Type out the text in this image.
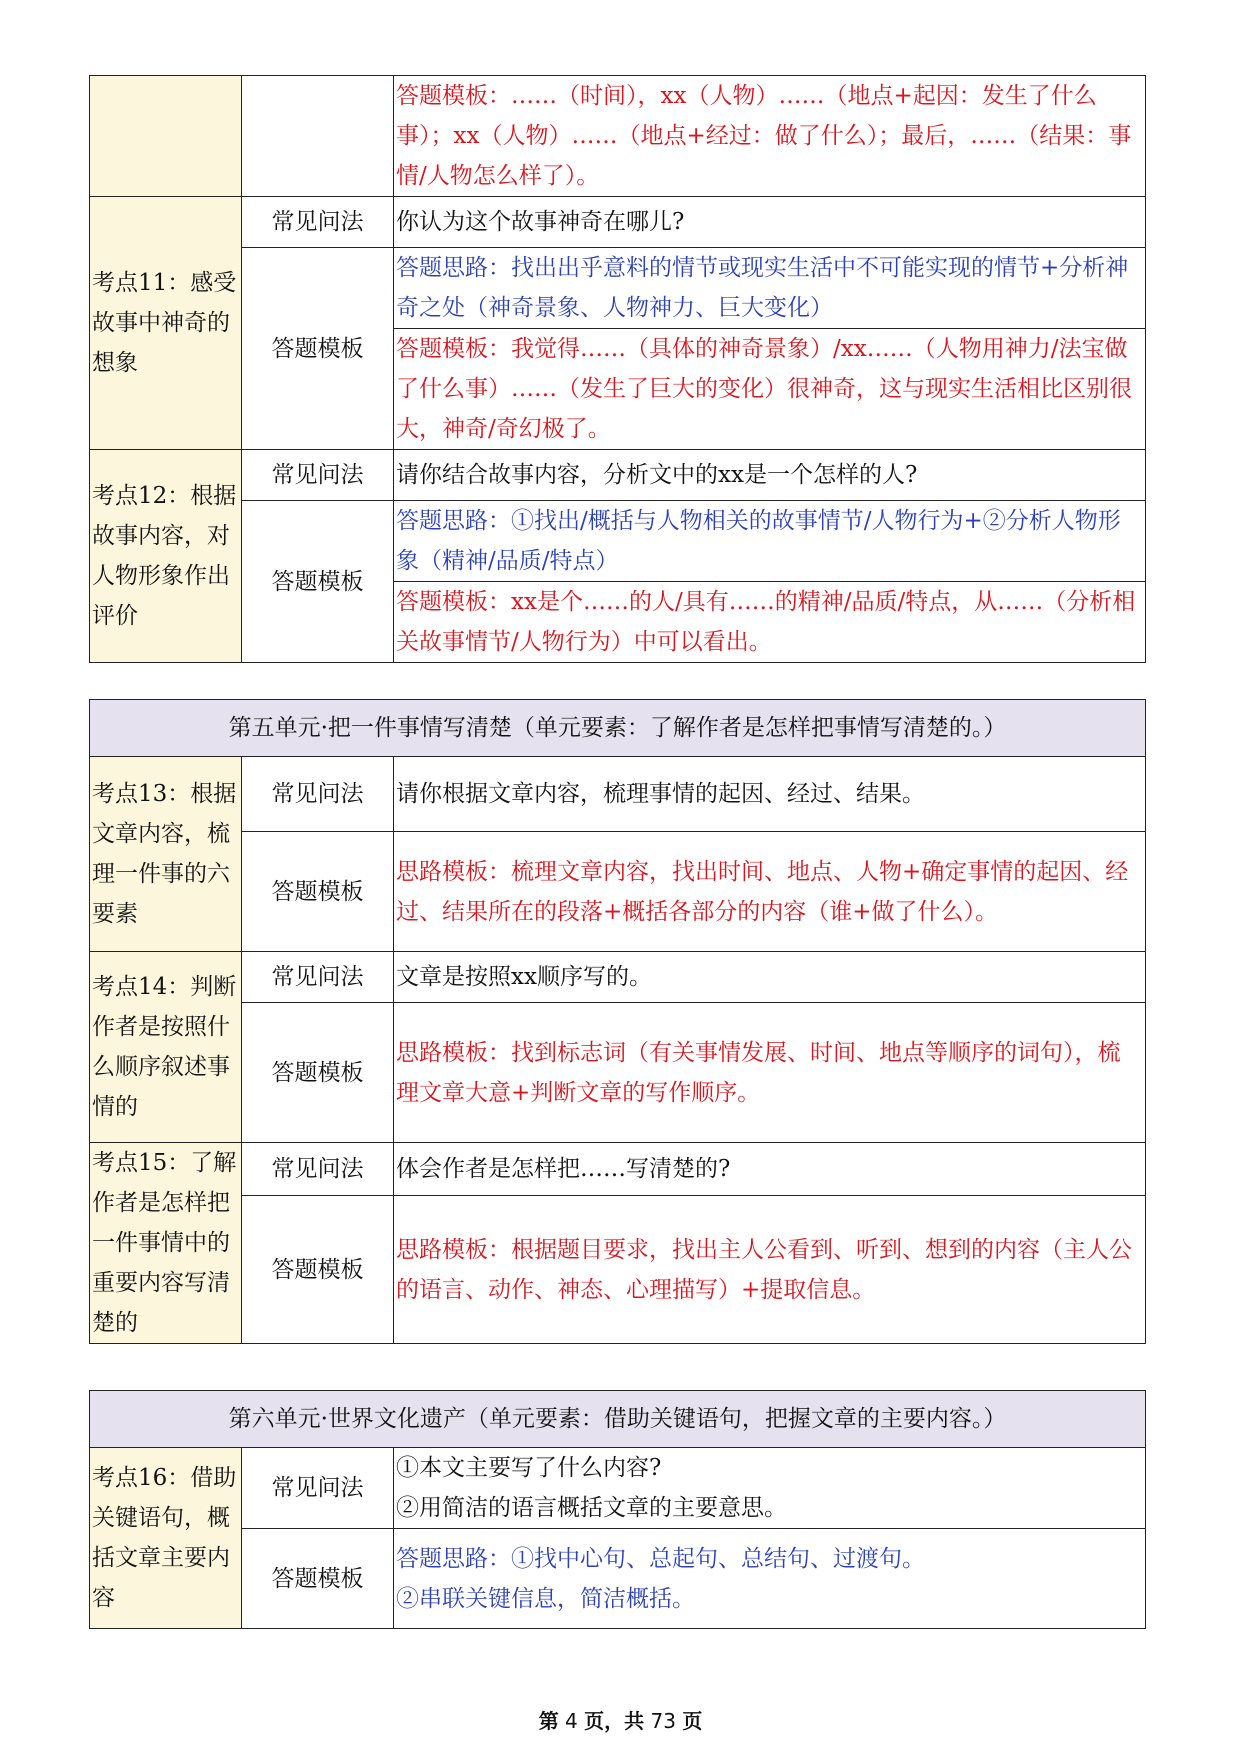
		答题模板：……（时间），xx（人物）……（地点+起因：发生了什么事）；xx（人物）……（地点+经过：做了什么）；最后，……（结果：事情/人物怎么样了）。
考点11：感受故事中神奇的想象	常见问法	你认为这个故事神奇在哪儿?
	答题模板	答题思路：找出出乎意料的情节或现实生活中不可能实现的情节+分析神奇之处（神奇景象、人物神力、巨大变化）
		答题模板：我觉得……（具体的神奇景象）/xx……（人物用神力/法宝做了什么事）……（发生了巨大的变化）很神奇，这与现实生活相比区别很大，神奇/奇幻极了。
考点12：根据故事内容，对人物形象作出评价	常见问法	请你结合故事内容，分析文中的xx是一个怎样的人?
	答题模板	答题思路：①找出/概括与人物相关的故事情节/人物行为+②分析人物形象（精神/品质/特点）
		答题模板：xx是个……的人/具有……的精神/品质/特点，从……（分析相关故事情节/人物行为）中可以看出。
第五单元·把一件事情写清楚（单元要素：了解作者是怎样把事情写清楚的。）		
考点13：根据文章内容，梳理一件事的六要素	常见问法	请你根据文章内容，梳理事情的起因、经过、结果。
	答题模板	思路模板：梳理文章内容，找出时间、地点、人物+确定事情的起因、经过、结果所在的段落+概括各部分的内容（谁+做了什么）。
考点14：判断作者是按照什么顺序叙述事情的	常见问法	文章是按照xx顺序写的。
	答题模板	思路模板：找到标志词（有关事情发展、时间、地点等顺序的词句），梳理文章大意+判断文章的写作顺序。
考点15：了解作者是怎样把一件事情中的重要内容写清楚的	常见问法	体会作者是怎样把……写清楚的?
	答题模板	思路模板：根据题目要求，找出主人公看到、听到、想到的内容（主人公的语言、动作、神态、心理描写）+提取信息。
第六单元·世界文化遗产（单元要素：借助关键语句，把握文章的主要内容。）		
考点16：借助关键语句，概括文章主要内容	常见问法	①本文主要写了什么内容?
②用简洁的语言概括文章的主要意思。

	答题模板	答题思路：①找中心句、总起句、总结句、过渡句。
②串联关键信息，简洁概括。
第 4 页，共 73 页
